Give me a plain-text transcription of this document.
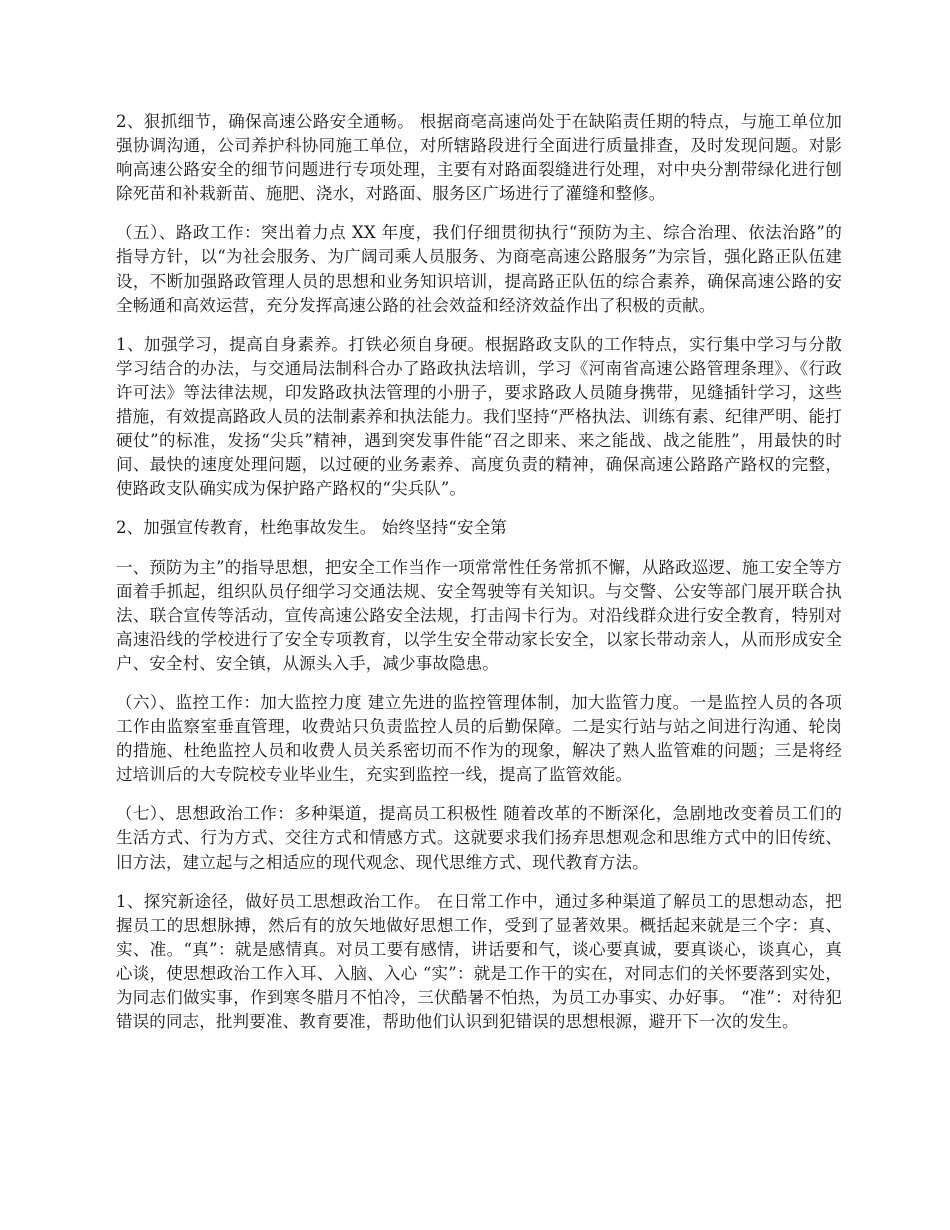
2、狠抓细节，确保高速公路安全通畅。 根据商亳高速尚处于在缺陷责任期的特点，与施工单位加强协调沟通，公司养护科协同施工单位，对所辖路段进行全面进行质量排查，及时发现问题。对影响高速公路安全的细节问题进行专项处理，主要有对路面裂缝进行处理，对中央分割带绿化进行刨除死苗和补栽新苗、施肥、浇水，对路面、服务区广场进行了灌缝和整修。

（五）、路政工作：突出着力点 XX 年度，我们仔细贯彻执行“预防为主、综合治理、依法治路”的指导方针，以“为社会服务、为广阔司乘人员服务、为商亳高速公路服务”为宗旨，强化路正队伍建设，不断加强路政管理人员的思想和业务知识培训，提高路正队伍的综合素养，确保高速公路的安全畅通和高效运营，充分发挥高速公路的社会效益和经济效益作出了积极的贡献。

1、加强学习，提高自身素养。打铁必须自身硬。根据路政支队的工作特点，实行集中学习与分散学习结合的办法，与交通局法制科合办了路政执法培训，学习《河南省高速公路管理条理》、《行政许可法》等法律法规，印发路政执法管理的小册子，要求路政人员随身携带，见缝插针学习，这些措施，有效提高路政人员的法制素养和执法能力。我们坚持“严格执法、训练有素、纪律严明、能打硬仗”的标准，发扬“尖兵”精神，遇到突发事件能“召之即来、来之能战、战之能胜”，用最快的时间、最快的速度处理问题，以过硬的业务素养、高度负责的精神，确保高速公路路产路权的完整，使路政支队确实成为保护路产路权的“尖兵队”。

2、加强宣传教育，杜绝事故发生。 始终坚持“安全第

一、预防为主”的指导思想，把安全工作当作一项常常性任务常抓不懈，从路政巡逻、施工安全等方面着手抓起，组织队员仔细学习交通法规、安全驾驶等有关知识。与交警、公安等部门展开联合执法、联合宣传等活动，宣传高速公路安全法规，打击闯卡行为。对沿线群众进行安全教育，特别对高速沿线的学校进行了安全专项教育，以学生安全带动家长安全，以家长带动亲人，从而形成安全户、安全村、安全镇，从源头入手，减少事故隐患。

（六）、监控工作：加大监控力度 建立先进的监控管理体制，加大监管力度。一是监控人员的各项工作由监察室垂直管理，收费站只负责监控人员的后勤保障。二是实行站与站之间进行沟通、轮岗的措施、杜绝监控人员和收费人员关系密切而不作为的现象，解决了熟人监管难的问题；三是将经过培训后的大专院校专业毕业生，充实到监控一线，提高了监管效能。

（七）、思想政治工作：多种渠道，提高员工积极性 随着改革的不断深化，急剧地改变着员工们的生活方式、行为方式、交往方式和情感方式。这就要求我们扬弃思想观念和思维方式中的旧传统、旧方法，建立起与之相适应的现代观念、现代思维方式、现代教育方法。

1、探究新途径，做好员工思想政治工作。 在日常工作中，通过多种渠道了解员工的思想动态，把握员工的思想脉搏，然后有的放矢地做好思想工作，受到了显著效果。概括起来就是三个字：真、实、准。“真”：就是感情真。对员工要有感情，讲话要和气，谈心要真诚，要真谈心，谈真心，真心谈，使思想政治工作入耳、入脑、入心 “实”：就是工作干的实在，对同志们的关怀要落到实处，为同志们做实事，作到寒冬腊月不怕冷，三伏酷暑不怕热，为员工办事实、办好事。 “准”：对待犯错误的同志，批判要准、教育要准，帮助他们认识到犯错误的思想根源，避开下一次的发生。
